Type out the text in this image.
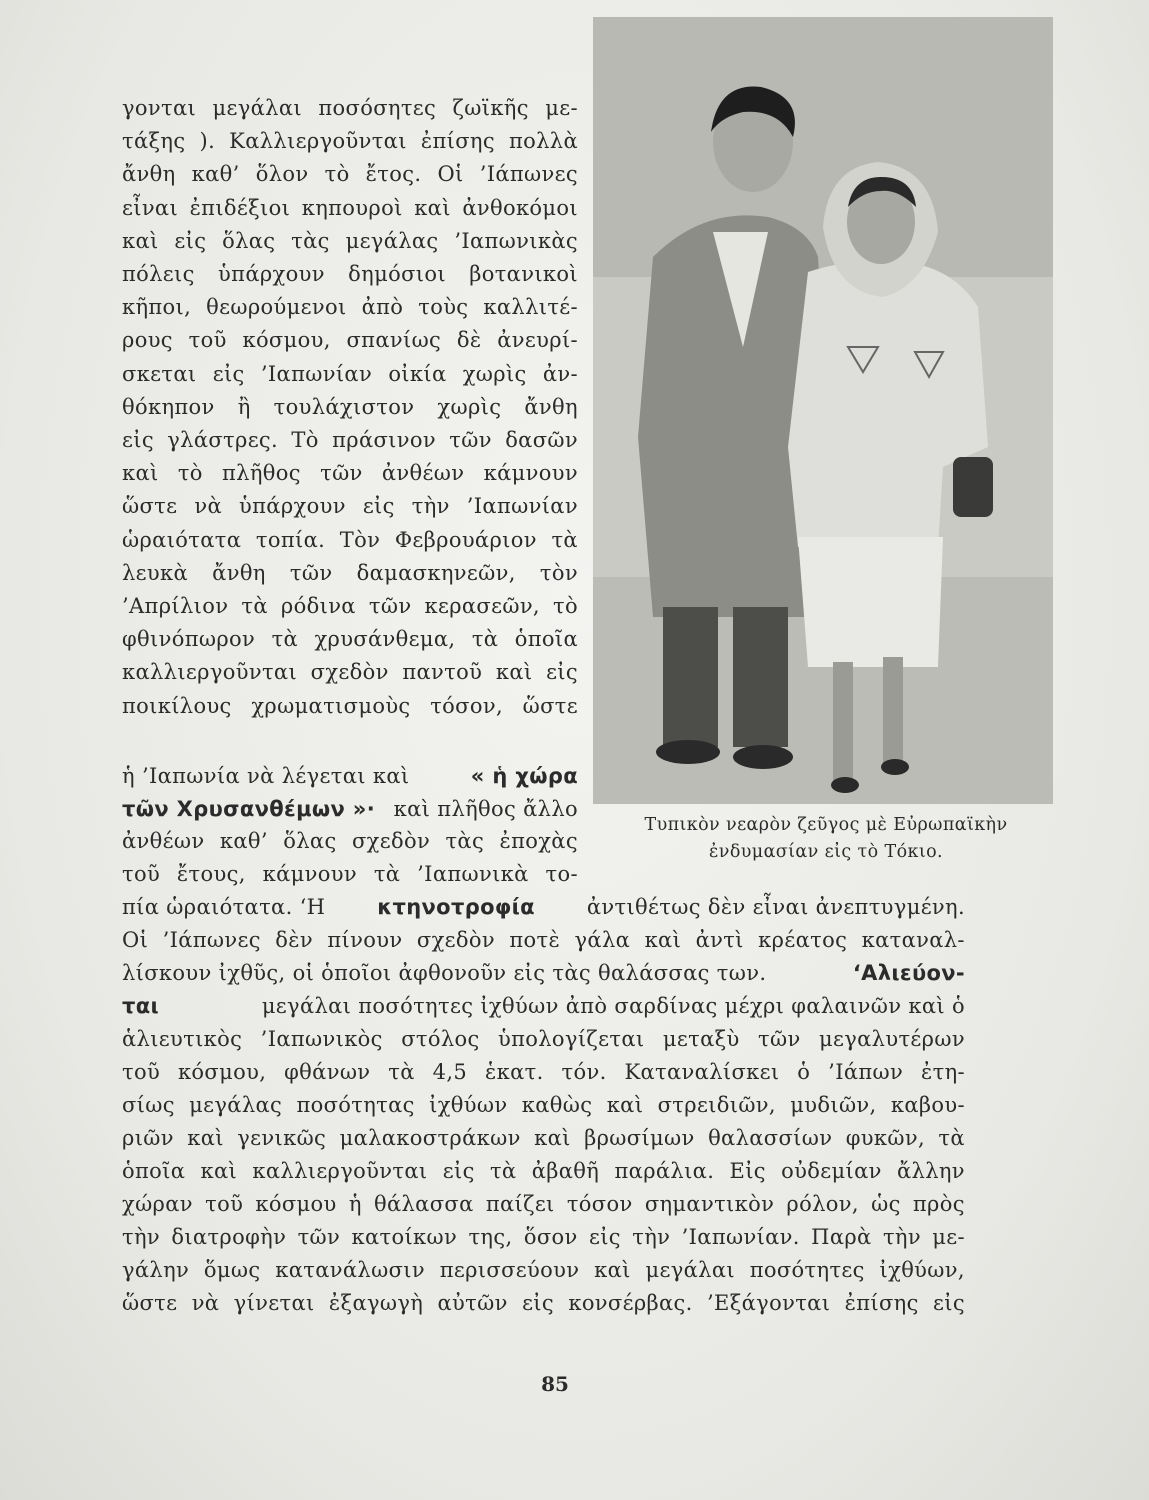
Τυπικὸν νεαρὸν ζεῦγος μὲ Εὐρωπαϊκὴν
ἐνδυμασίαν εἰς τὸ Τόκιο.
γονται μεγάλαι ποσόσητες ζωϊκῆς με-
τάξης ). Καλλιεργοῦνται ἐπίσης πολλὰ
ἄνθη καθ’ ὅλον τὸ ἔτος. Οἱ ’Ιάπωνες
εἶναι ἐπιδέξιοι κηπουροὶ καὶ ἀνθοκόμοι
καὶ εἰς ὅλας τὰς μεγάλας ’Ιαπωνικὰς
πόλεις ὑπάρχουν δημόσιοι βοτανικοὶ
κῆποι, θεωρούμενοι ἀπὸ τοὺς καλλιτέ-
ρους τοῦ κόσμου, σπανίως δὲ ἀνευρί-
σκεται εἰς ’Ιαπωνίαν οἰκία χωρὶς ἀν-
θόκηπον ἢ τουλάχιστον χωρὶς ἄνθη
εἰς γλάστρες. Τὸ πράσινον τῶν δασῶν
καὶ τὸ πλῆθος τῶν ἀνθέων κάμνουν
ὥστε νὰ ὑπάρχουν εἰς τὴν ’Ιαπωνίαν
ὡραιότατα τοπία. Τὸν Φεβρουάριον τὰ
λευκὰ ἄνθη τῶν δαμασκηνεῶν, τὸν
’Απρίλιον τὰ ρόδινα τῶν κερασεῶν, τὸ
φθινόπωρον τὰ χρυσάνθεμα, τὰ ὁποῖα
καλλιεργοῦνται σχεδὸν παντοῦ καὶ εἰς
ποικίλους χρωματισμοὺς τόσον, ὥστε
ἡ ’Ιαπωνία νὰ λέγεται καὶ	« ἡ χώρα
τῶν Χρυσανθέμων »· καὶ πλῆθος ἄλλο
ἀνθέων καθ’ ὅλας σχεδὸν τὰς ἐποχὰς
τοῦ ἔτους, κάμνουν τὰ ’Ιαπωνικὰ το-
πία ὡραιότατα. ‘Η κτηνοτροφία ἀντιθέτως δὲν εἶναι ἀνεπτυγμένη.
Οἱ ’Ιάπωνες δὲν πίνουν σχεδὸν ποτὲ γάλα καὶ ἀντὶ κρέατος καταναλ-
λίσκουν ἰχθῦς, οἱ ὁποῖοι ἀφθονοῦν εἰς τὰς θαλάσσας των.	‘Αλιεύον-
ται	μεγάλαι ποσότητες ἰχθύων ἀπὸ σαρδίνας μέχρι φαλαινῶν καὶ ὁ
ἁλιευτικὸς ’Ιαπωνικὸς στόλος ὑπολογίζεται μεταξὺ τῶν μεγαλυτέρων
τοῦ κόσμου, φθάνων τὰ 4,5 ἑκατ. τόν. Καταναλίσκει ὁ ’Ιάπων ἐτη-
σίως μεγάλας ποσότητας ἰχθύων καθὼς καὶ στρειδιῶν, μυδιῶν, καβου-
ριῶν καὶ γενικῶς μαλακοστράκων καὶ βρωσίμων θαλασσίων φυκῶν, τὰ
ὁποῖα καὶ καλλιεργοῦνται εἰς τὰ ἀβαθῆ παράλια. Εἰς οὐδεμίαν ἄλλην
χώραν τοῦ κόσμου ἡ θάλασσα παίζει τόσον σημαντικὸν ρόλον, ὡς πρὸς
τὴν διατροφὴν τῶν κατοίκων της, ὅσον εἰς τὴν ’Ιαπωνίαν. Παρὰ τὴν με-
γάλην ὅμως κατανάλωσιν περισσεύουν καὶ μεγάλαι ποσότητες ἰχθύων,
ὥστε νὰ γίνεται ἐξαγωγὴ αὐτῶν εἰς κονσέρβας. ’Εξάγονται ἐπίσης εἰς
85
